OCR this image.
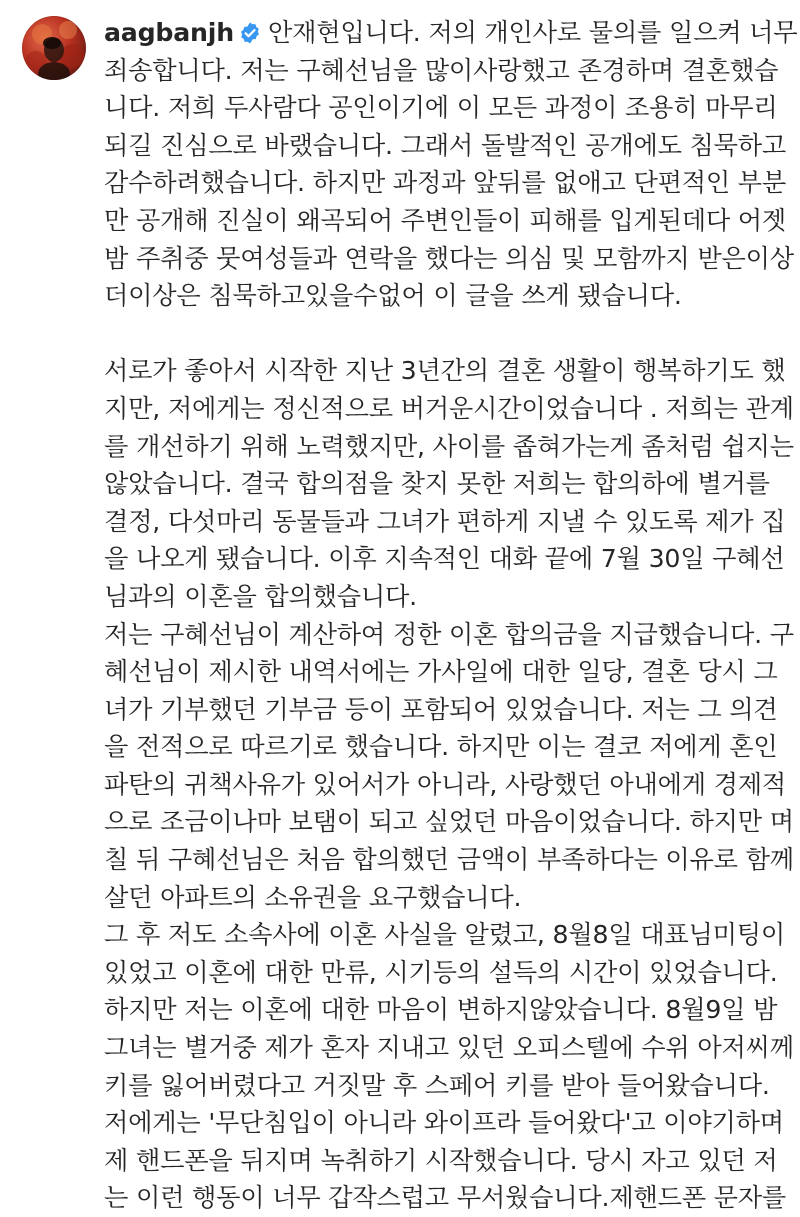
aagbanjh 안재현입니다. 저의 개인사로 물의를 일으켜 너무
죄송합니다. 저는 구혜선님을 많이사랑했고 존경하며 결혼했습
니다. 저희 두사람다 공인이기에 이 모든 과정이 조용히 마무리
되길 진심으로 바랬습니다. 그래서 돌발적인 공개에도 침묵하고
감수하려했습니다. 하지만 과정과 앞뒤를 없애고 단편적인 부분
만 공개해 진실이 왜곡되어 주변인들이 피해를 입게된데다 어젯
밤 주취중 뭇여성들과 연락을 했다는 의심 및 모함까지 받은이상
더이상은 침묵하고있을수없어 이 글을 쓰게 됐습니다.
서로가 좋아서 시작한 지난 3년간의 결혼 생활이 행복하기도 했
지만, 저에게는 정신적으로 버거운시간이었습니다 . 저희는 관계
를 개선하기 위해 노력했지만, 사이를 좁혀가는게 좀처럼 쉽지는
않았습니다. 결국 합의점을 찾지 못한 저희는 합의하에 별거를
결정, 다섯마리 동물들과 그녀가 편하게 지낼 수 있도록 제가 집
을 나오게 됐습니다. 이후 지속적인 대화 끝에 7월 30일 구혜선
님과의 이혼을 합의했습니다.
저는 구혜선님이 계산하여 정한 이혼 합의금을 지급했습니다. 구
혜선님이 제시한 내역서에는 가사일에 대한 일당, 결혼 당시 그
녀가 기부했던 기부금 등이 포함되어 있었습니다. 저는 그 의견
을 전적으로 따르기로 했습니다. 하지만 이는 결코 저에게 혼인
파탄의 귀책사유가 있어서가 아니라, 사랑했던 아내에게 경제적
으로 조금이나마 보탬이 되고 싶었던 마음이었습니다. 하지만 며
칠 뒤 구혜선님은 처음 합의했던 금액이 부족하다는 이유로 함께
살던 아파트의 소유권을 요구했습니다.
그 후 저도 소속사에 이혼 사실을 알렸고, 8월8일 대표님미팅이
있었고 이혼에 대한 만류, 시기등의 설득의 시간이 있었습니다.
하지만 저는 이혼에 대한 마음이 변하지않았습니다. 8월9일 밤
그녀는 별거중 제가 혼자 지내고 있던 오피스텔에 수위 아저씨께
키를 잃어버렸다고 거짓말 후 스페어 키를 받아 들어왔습니다.
저에게는 '무단침입이 아니라 와이프라 들어왔다'고 이야기하며
제 핸드폰을 뒤지며 녹취하기 시작했습니다. 당시 자고 있던 저
는 이런 행동이 너무 갑작스럽고 무서웠습니다.제핸드폰 문자를
